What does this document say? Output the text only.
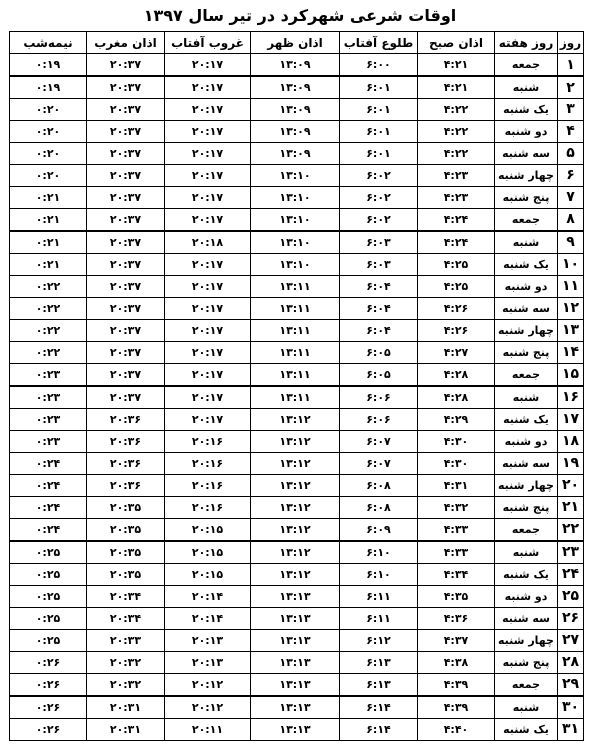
اوقات شرعی شهرکرد در تیر سال ۱۳۹۷
روز	روز هفته	اذان صبح	طلوع آفتاب	اذان ظهر	غروب آفتاب	اذان مغرب	نیمه‌شب
۱	جمعه	۴:۲۱	۶:۰۰	۱۳:۰۹	۲۰:۱۷	۲۰:۳۷	۰:۱۹
۲	شنبه	۴:۲۱	۶:۰۱	۱۳:۰۹	۲۰:۱۷	۲۰:۳۷	۰:۱۹
۳	یک شنبه	۴:۲۲	۶:۰۱	۱۳:۰۹	۲۰:۱۷	۲۰:۳۷	۰:۲۰
۴	دو شنبه	۴:۲۲	۶:۰۱	۱۳:۰۹	۲۰:۱۷	۲۰:۳۷	۰:۲۰
۵	سه شنبه	۴:۲۲	۶:۰۱	۱۳:۰۹	۲۰:۱۷	۲۰:۳۷	۰:۲۰
۶	چهار شنبه	۴:۲۳	۶:۰۲	۱۳:۱۰	۲۰:۱۷	۲۰:۳۷	۰:۲۰
۷	پنج شنبه	۴:۲۳	۶:۰۲	۱۳:۱۰	۲۰:۱۷	۲۰:۳۷	۰:۲۱
۸	جمعه	۴:۲۴	۶:۰۲	۱۳:۱۰	۲۰:۱۷	۲۰:۳۷	۰:۲۱
۹	شنبه	۴:۲۴	۶:۰۳	۱۳:۱۰	۲۰:۱۸	۲۰:۳۷	۰:۲۱
۱۰	یک شنبه	۴:۲۵	۶:۰۳	۱۳:۱۰	۲۰:۱۷	۲۰:۳۷	۰:۲۱
۱۱	دو شنبه	۴:۲۵	۶:۰۴	۱۳:۱۱	۲۰:۱۷	۲۰:۳۷	۰:۲۲
۱۲	سه شنبه	۴:۲۶	۶:۰۴	۱۳:۱۱	۲۰:۱۷	۲۰:۳۷	۰:۲۲
۱۳	چهار شنبه	۴:۲۶	۶:۰۴	۱۳:۱۱	۲۰:۱۷	۲۰:۳۷	۰:۲۲
۱۴	پنج شنبه	۴:۲۷	۶:۰۵	۱۳:۱۱	۲۰:۱۷	۲۰:۳۷	۰:۲۲
۱۵	جمعه	۴:۲۸	۶:۰۵	۱۳:۱۱	۲۰:۱۷	۲۰:۳۷	۰:۲۳
۱۶	شنبه	۴:۲۸	۶:۰۶	۱۳:۱۱	۲۰:۱۷	۲۰:۳۷	۰:۲۳
۱۷	یک شنبه	۴:۲۹	۶:۰۶	۱۳:۱۲	۲۰:۱۷	۲۰:۳۶	۰:۲۳
۱۸	دو شنبه	۴:۳۰	۶:۰۷	۱۳:۱۲	۲۰:۱۶	۲۰:۳۶	۰:۲۳
۱۹	سه شنبه	۴:۳۰	۶:۰۷	۱۳:۱۲	۲۰:۱۶	۲۰:۳۶	۰:۲۴
۲۰	چهار شنبه	۴:۳۱	۶:۰۸	۱۳:۱۲	۲۰:۱۶	۲۰:۳۶	۰:۲۴
۲۱	پنج شنبه	۴:۳۲	۶:۰۸	۱۳:۱۲	۲۰:۱۶	۲۰:۳۵	۰:۲۴
۲۲	جمعه	۴:۳۳	۶:۰۹	۱۳:۱۲	۲۰:۱۵	۲۰:۳۵	۰:۲۴
۲۳	شنبه	۴:۳۳	۶:۱۰	۱۳:۱۲	۲۰:۱۵	۲۰:۳۵	۰:۲۵
۲۴	یک شنبه	۴:۳۴	۶:۱۰	۱۳:۱۲	۲۰:۱۵	۲۰:۳۵	۰:۲۵
۲۵	دو شنبه	۴:۳۵	۶:۱۱	۱۳:۱۳	۲۰:۱۴	۲۰:۳۴	۰:۲۵
۲۶	سه شنبه	۴:۳۶	۶:۱۱	۱۳:۱۳	۲۰:۱۴	۲۰:۳۴	۰:۲۵
۲۷	چهار شنبه	۴:۳۷	۶:۱۲	۱۳:۱۳	۲۰:۱۳	۲۰:۳۳	۰:۲۵
۲۸	پنج شنبه	۴:۳۸	۶:۱۳	۱۳:۱۳	۲۰:۱۳	۲۰:۳۲	۰:۲۶
۲۹	جمعه	۴:۳۹	۶:۱۳	۱۳:۱۳	۲۰:۱۲	۲۰:۳۲	۰:۲۶
۳۰	شنبه	۴:۳۹	۶:۱۴	۱۳:۱۳	۲۰:۱۲	۲۰:۳۱	۰:۲۶
۳۱	یک شنبه	۴:۴۰	۶:۱۴	۱۳:۱۳	۲۰:۱۱	۲۰:۳۱	۰:۲۶
